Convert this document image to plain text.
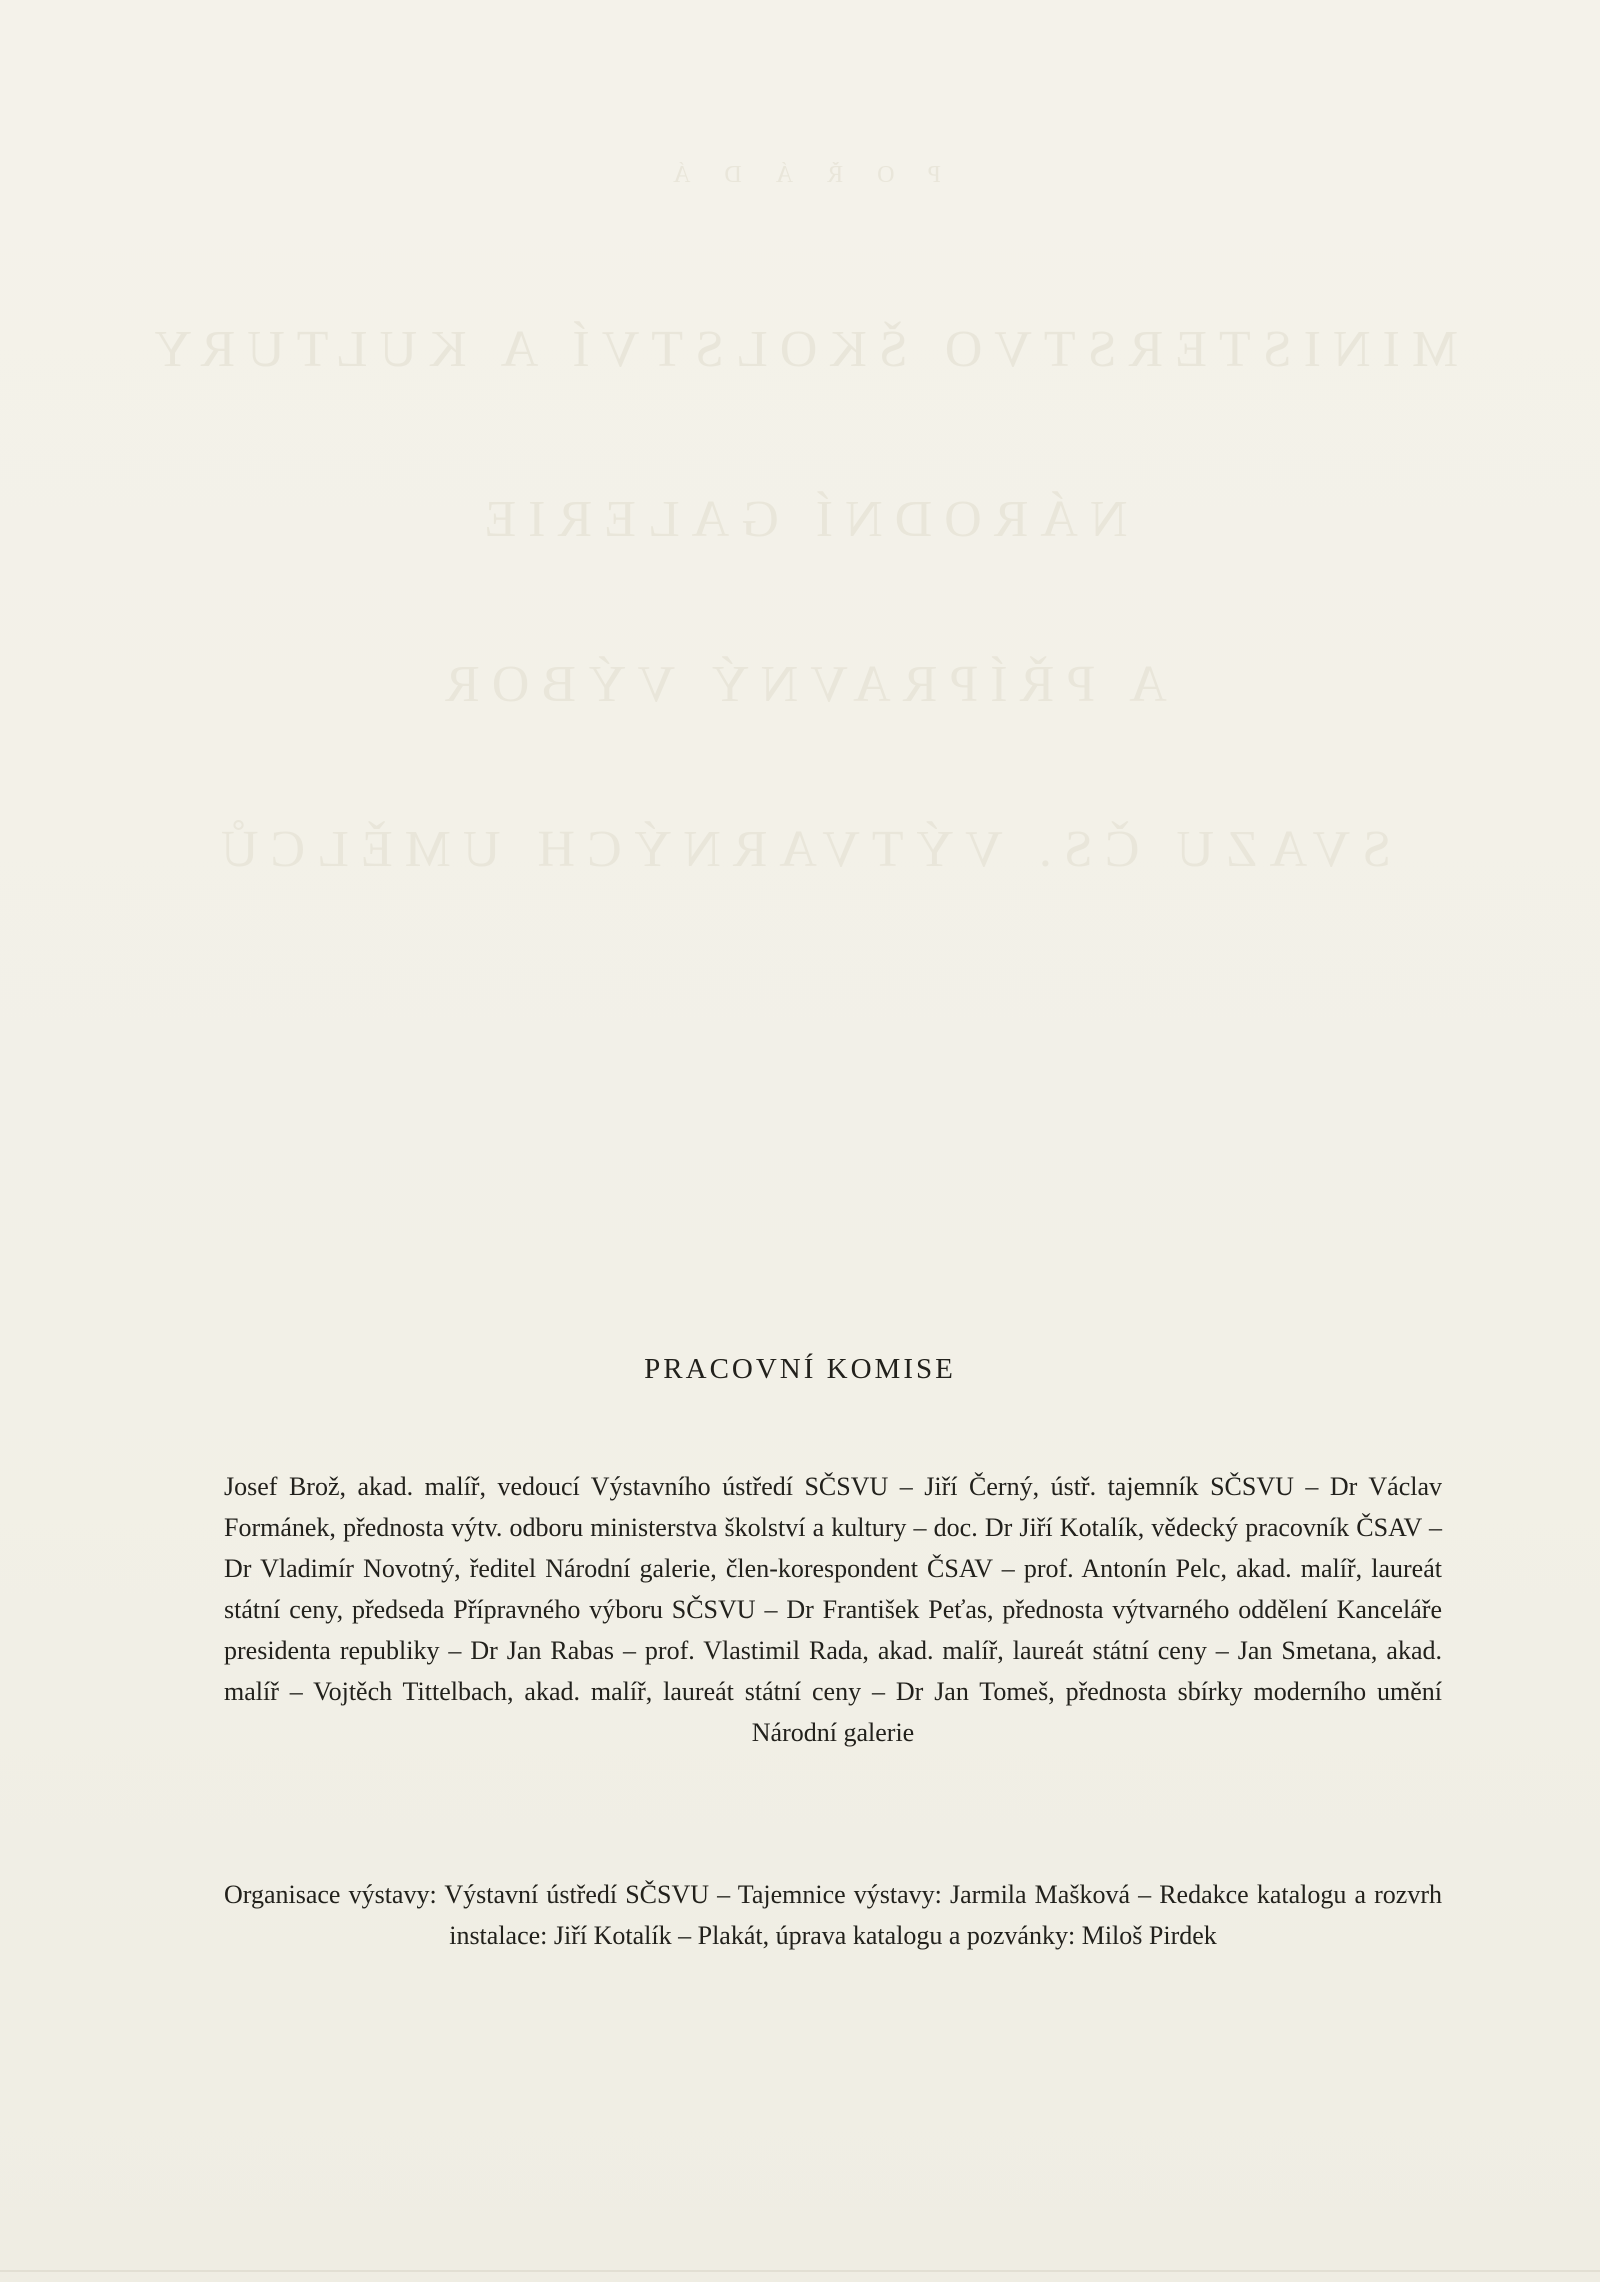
P O Ř Á D Á
MINISTERSTVO ŠKOLSTVÍ A KULTURY
NÁRODNÍ GALERIE
A PŘÍPRAVNÝ VÝBOR
SVAZU ČS. VÝTVARNÝCH UMĚLCŮ
PRACOVNÍ KOMISE

Josef Brož, akad. malíř, vedoucí Výstavního ústředí SČSVU – Jiří Černý, ústř. tajemník SČSVU – Dr Václav Formánek, přednosta výtv. odboru ministerstva školství a kultury – doc. Dr Jiří Kotalík, vědecký pracovník ČSAV – Dr Vladimír Novotný, ředitel Národní galerie, člen-korespondent ČSAV – prof. Antonín Pelc, akad. malíř, laureát státní ceny, předseda Přípravného výboru SČSVU – Dr František Peťas, přednosta výtvarného oddělení Kanceláře presidenta republiky – Dr Jan Rabas – prof. Vlastimil Rada, akad. malíř, laureát státní ceny – Jan Smetana, akad. malíř – Vojtěch Tittelbach, akad. malíř, laureát státní ceny – Dr Jan Tomeš, přednosta sbírky moderního umění Národní galerie

Organisace výstavy: Výstavní ústředí SČSVU – Tajemnice výstavy: Jarmila Mašková – Redakce katalogu a rozvrh instalace: Jiří Kotalík – Plakát, úprava katalogu a pozvánky: Miloš Pirdek
